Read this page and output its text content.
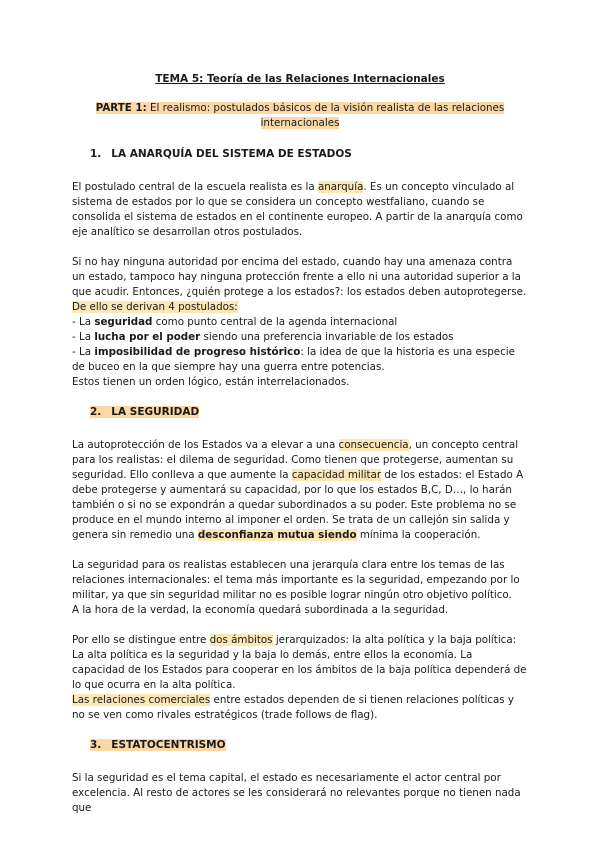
TEMA 5: Teoría de las Relaciones Internacionales
PARTE 1: El realismo: postulados básicos de la visión realista de las relaciones internacionales
1. LA ANARQUÍA DEL SISTEMA DE ESTADOS

El postulado central de la escuela realista es la anarquía. Es un concepto vinculado al sistema de estados por lo que se considera un concepto westfaliano, cuando se consolida el sistema de estados en el continente europeo. A partir de la anarquía como eje analítico se desarrollan otros postulados.

Si no hay ninguna autoridad por encima del estado, cuando hay una amenaza contra un estado, tampoco hay ninguna protección frente a ello ni una autoridad superior a la que acudir. Entonces, ¿quién protege a los estados?: los estados deben autoprotegerse.

De ello se derivan 4 postulados:
- La seguridad como punto central de la agenda internacional
- La lucha por el poder siendo una preferencia invariable de los estados
- La imposibilidad de progreso histórico: la idea de que la historia es una especie de buceo en la que siempre hay una guerra entre potencias.
Estos tienen un orden lógico, están interrelacionados.
2. LA SEGURIDAD

La autoprotección de los Estados va a elevar a una consecuencia, un concepto central para los realistas: el dilema de seguridad. Como tienen que protegerse, aumentan su seguridad. Ello conlleva a que aumente la capacidad militar de los estados: el Estado A debe protegerse y aumentará su capacidad, por lo que los estados B,C, D…, lo harán también o si no se expondrán a quedar subordinados a su poder. Este problema no se produce en el mundo interno al imponer el orden. Se trata de un callejón sin salida y genera sin remedio una desconfianza mutua siendo mínima la cooperación.

La seguridad para os realistas establecen una jerarquía clara entre los temas de las relaciones internacionales: el tema más importante es la seguridad, empezando por lo militar, ya que sin seguridad militar no es posible lograr ningún otro objetivo político.
A la hora de la verdad, la economía quedará subordinada a la seguridad.

Por ello se distingue entre dos ámbitos jerarquizados: la alta política y la baja política:
La alta política es la seguridad y la baja lo demás, entre ellos la economía. La capacidad de los Estados para cooperar en los ámbitos de la baja política dependerá de lo que ocurra en la alta política.
Las relaciones comerciales entre estados dependen de si tienen relaciones políticas y no se ven como rivales estratégicos (trade follows de flag).

3. ESTATOCENTRISMO

Si la seguridad es el tema capital, el estado es necesariamente el actor central por excelencia. Al resto de actores se les considerará no relevantes porque no tienen nada que
